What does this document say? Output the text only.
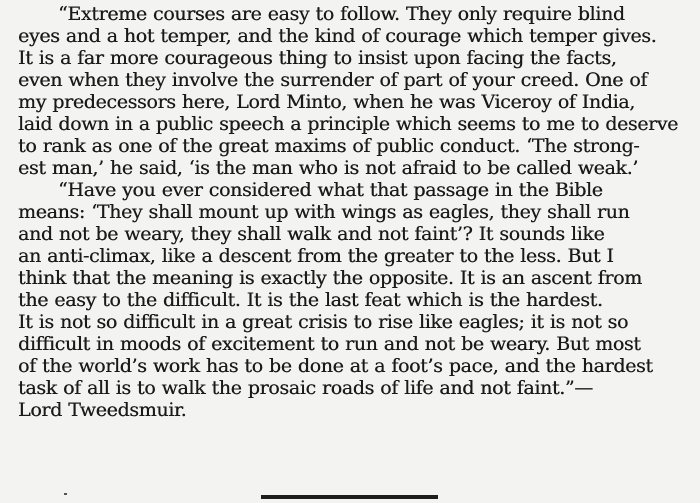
“Extreme courses are easy to follow. They only require blind
eyes and a hot temper, and the kind of courage which temper gives.
It is a far more courageous thing to insist upon facing the facts,
even when they involve the surrender of part of your creed. One of
my predecessors here, Lord Minto, when he was Viceroy of India,
laid down in a public speech a principle which seems to me to deserve
to rank as one of the great maxims of public conduct. ‘The strong-
est man,’ he said, ‘is the man who is not afraid to be called weak.’
“Have you ever considered what that passage in the Bible
means: ‘They shall mount up with wings as eagles, they shall run
and not be weary, they shall walk and not faint’? It sounds like
an anti-climax, like a descent from the greater to the less. But I
think that the meaning is exactly the opposite. It is an ascent from
the easy to the difficult. It is the last feat which is the hardest.
It is not so difficult in a great crisis to rise like eagles; it is not so
difficult in moods of excitement to run and not be weary. But most
of the world’s work has to be done at a foot’s pace, and the hardest
task of all is to walk the prosaic roads of life and not faint.”—
Lord Tweedsmuir.
